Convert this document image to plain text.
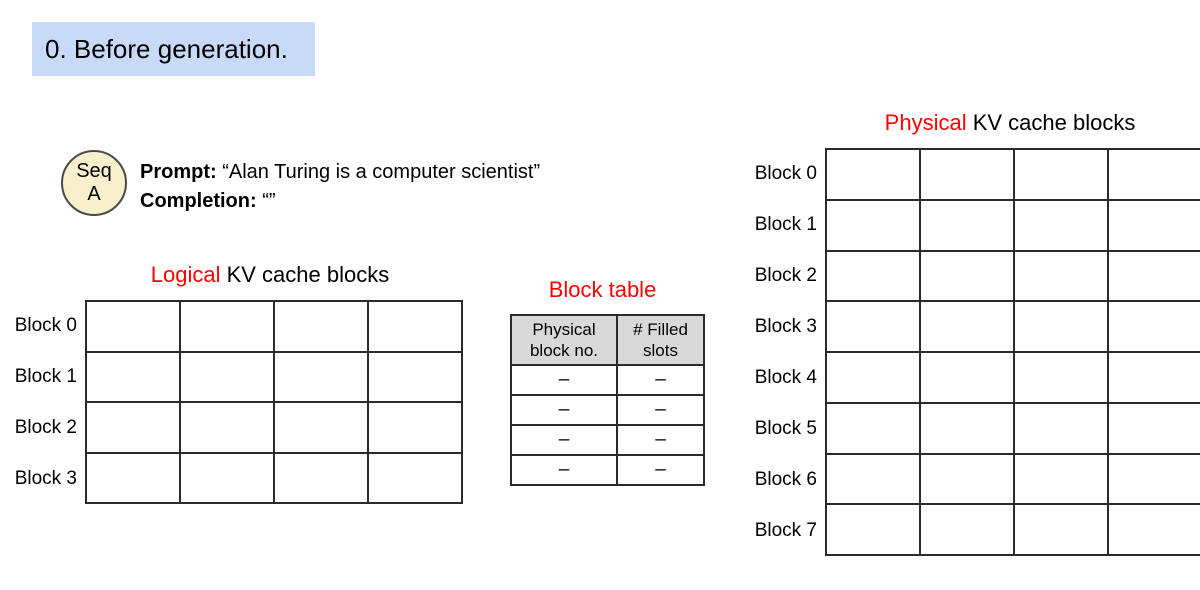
0. Before generation.
Seq
A
Prompt: “Alan Turing is a computer scientist”
Completion: “”
Logical KV cache blocks
Block 0
Block 1
Block 2
Block 3

Block table
Physical block no.	# Filled slots
–	–
–	–
–	–
–	–
Physical KV cache blocks
Block 0
Block 1
Block 2
Block 3
Block 4
Block 5
Block 6
Block 7
